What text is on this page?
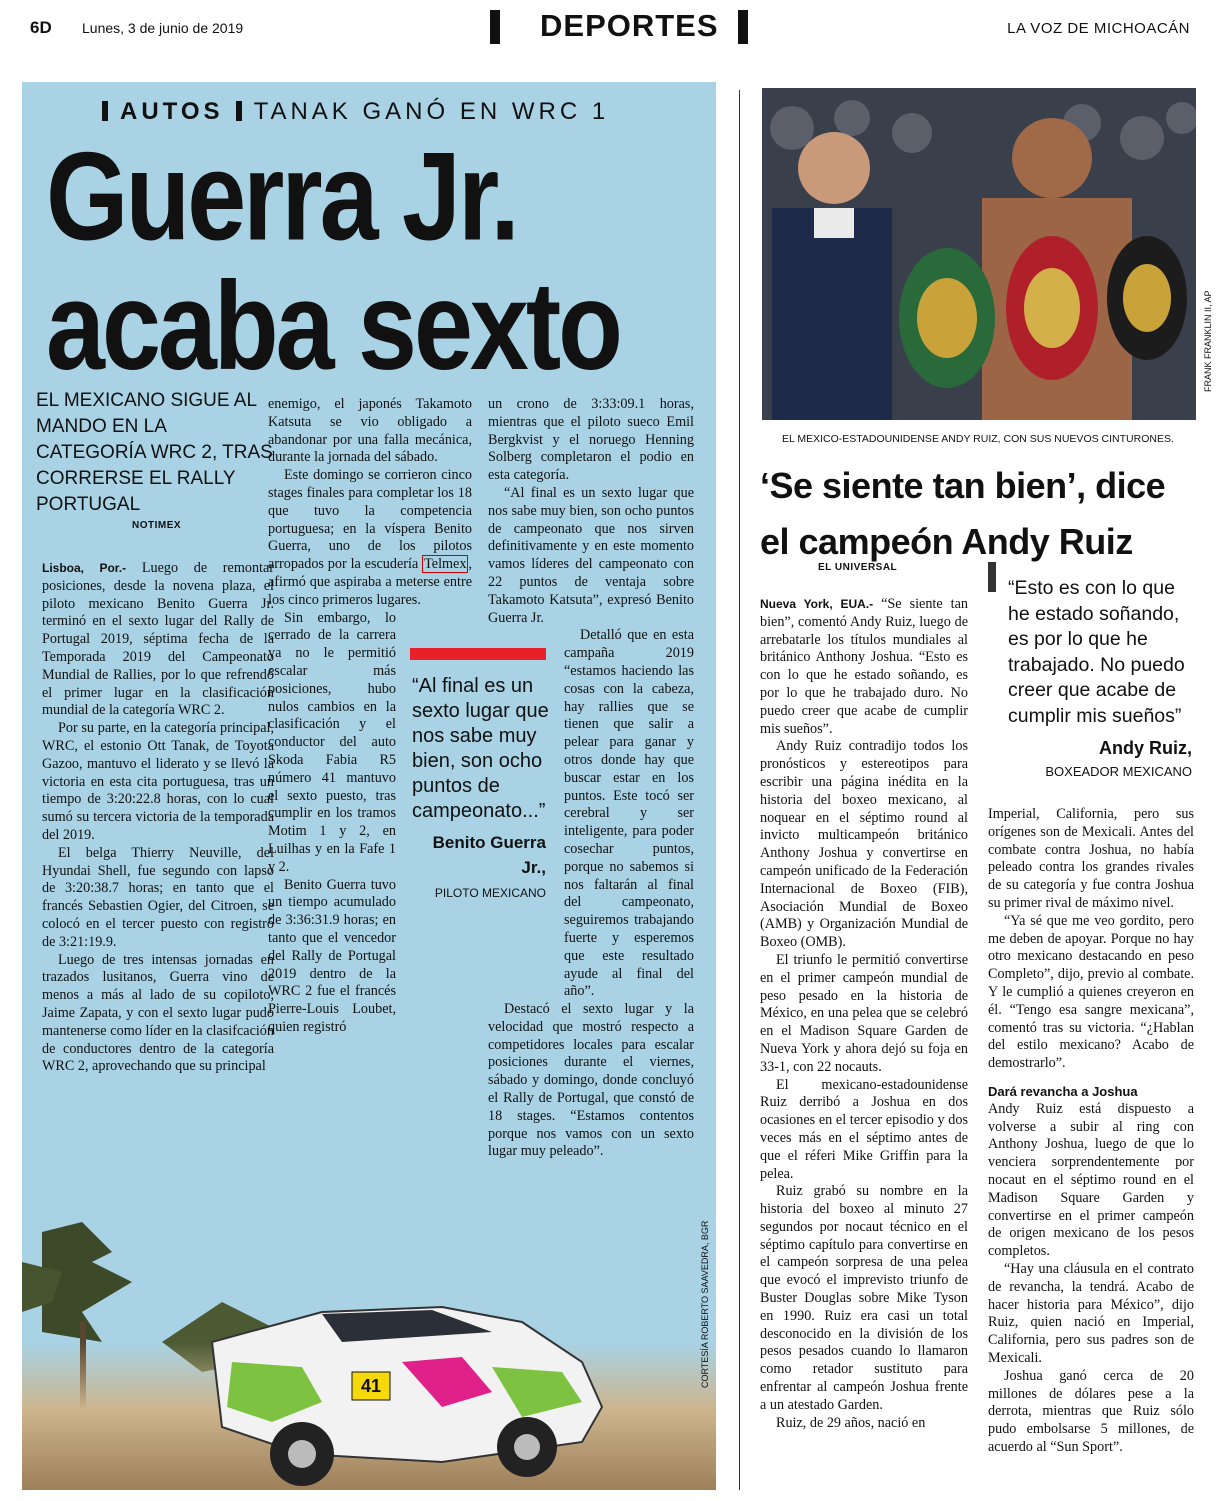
6D Lunes, 3 de junio de 2019	DEPORTES	LA VOZ DE MICHOACÁN
AUTOS TANAK GANÓ EN WRC 1
Guerra Jr.
acaba sexto
EL MEXICANO SIGUE AL MANDO EN LA CATEGORÍA WRC 2, TRAS CORRERSE EL RALLY PORTUGAL
NOTIMEX

Lisboa, Por.- Luego de remontar posiciones, desde la novena plaza, el piloto mexicano Benito Guerra Jr. terminó en el sexto lugar del Rally de Portugal 2019, séptima fecha de la Temporada 2019 del Campeonato Mundial de Rallies, por lo que refrendó el primer lugar en la clasificación mundial de la categoría WRC 2.

Por su parte, en la categoría principal, WRC, el estonio Ott Tanak, de Toyota Gazoo, mantuvo el liderato y se llevó la victoria en esta cita portuguesa, tras un tiempo de 3:20:22.8 horas, con lo cual sumó su tercera victoria de la temporada del 2019.

El belga Thierry Neuville, del Hyundai Shell, fue segundo con lapso de 3:20:38.7 horas; en tanto que el francés Sebastien Ogier, del Citroen, se colocó en el tercer puesto con registró de 3:21:19.9.

Luego de tres intensas jornadas en trazados lusitanos, Guerra vino de menos a más al lado de su copiloto, Jaime Zapata, y con el sexto lugar pudo mantenerse como líder en la clasifcación de conductores dentro de la categoría WRC 2, aprovechando que su principal

enemigo, el japonés Takamoto Katsuta se vio obligado a abandonar por una falla mecánica, durante la jornada del sábado.

Este domingo se corrieron cinco stages finales para completar los 18 que tuvo la competencia portuguesa; en la víspera Benito Guerra, uno de los pilotos arropados por la escudería Telmex , afirmó que aspiraba a meterse entre los cinco primeros lugares.

Sin embargo, lo cerrado de la carrera ya no le permitió escalar más posiciones, hubo nulos cambios en la clasificación y el conductor del auto Skoda Fabia R5 número 41 mantuvo el sexto puesto, tras cumplir en los tramos Motim 1 y 2, en Luilhas y en la Fafe 1 y 2.

Benito Guerra tuvo un tiempo acumulado de 3:36:31.9 horas; en tanto que el vencedor del Rally de Portugal 2019 dentro de la WRC 2 fue el francés Pierre-Louis Loubet, quien registró

un crono de 3:33:09.1 horas, mientras que el piloto sueco Emil Bergkvist y el noruego Henning Solberg completaron el podio en esta categoría.

“Al final es un sexto lugar que nos sabe muy bien, son ocho puntos de campeonato que nos sirven definitivamente y en este momento vamos líderes del campeonato con 22 puntos de ventaja sobre Takamoto Katsuta”, expresó Benito Guerra Jr.

Detalló que en esta campaña 2019 “estamos haciendo las cosas con la cabeza, hay rallies que se tienen que salir a pelear para ganar y otros donde hay que buscar estar en los puntos. Este tocó ser cerebral y ser inteligente, para poder cosechar puntos, porque no sabemos si nos faltarán al final del campeonato, seguiremos trabajando fuerte y esperemos que este resultado ayude al final del año”.

Destacó el sexto lugar y la velocidad que mostró respecto a competidores locales para escalar posiciones durante el viernes, sábado y domingo, donde concluyó el Rally de Portugal, que constó de 18 stages. “Estamos contentos porque nos vamos con un sexto lugar muy peleado”.

“Al final es un sexto lugar que nos sabe muy bien, son ocho puntos de campeonato...”
Benito Guerra Jr.,
PILOTO MEXICANO
41	CORTESÍA ROBERTO SAAVEDRA, BGR
FRANK FRANKLIN II, AP
EL MEXICO-ESTADOUNIDENSE ANDY RUIZ, CON SUS NUEVOS CINTURONES.
‘Se siente tan bien’, dice el campeón Andy Ruiz
EL UNIVERSAL

Nueva York, EUA.- “Se siente tan bien”, comentó Andy Ruiz, luego de arrebatarle los títulos mundiales al británico Anthony Joshua. “Esto es con lo que he estado soñando, es por lo que he trabajado duro. No puedo creer que acabe de cumplir mis sueños”.

Andy Ruiz contradijo todos los pronósticos y estereotipos para escribir una página inédita en la historia del boxeo mexicano, al noquear en el séptimo round al invicto multicampeón británico Anthony Joshua y convertirse en campeón unificado de la Federación Internacional de Boxeo (FIB), Asociación Mundial de Boxeo (AMB) y Organización Mundial de Boxeo (OMB).

El triunfo le permitió convertirse en el primer campeón mundial de peso pesado en la historia de México, en una pelea que se celebró en el Madison Square Garden de Nueva York y ahora dejó su foja en 33-1, con 22 nocauts.

El mexicano-estadounidense Ruiz derribó a Joshua en dos ocasiones en el tercer episodio y dos veces más en el séptimo antes de que el réferi Mike Griffin para la pelea.

Ruiz grabó su nombre en la historia del boxeo al minuto 27 segundos por nocaut técnico en el séptimo capítulo para convertirse en el campeón sorpresa de una pelea que evocó el imprevisto triunfo de Buster Douglas sobre Mike Tyson en 1990. Ruiz era casi un total desconocido en la división de los pesos pesados cuando lo llamaron como retador sustituto para enfrentar al campeón Joshua frente a un atestado Garden.

Ruiz, de 29 años, nació en

“Esto es con lo que he estado soñando, es por lo que he trabajado. No puedo creer que acabe de cumplir mis sueños”
Andy Ruiz,
BOXEADOR MEXICANO

Imperial, California, pero sus orígenes son de Mexicali. Antes del combate contra Joshua, no había peleado contra los grandes rivales de su categoría y fue contra Joshua su primer rival de máximo nivel.

“Ya sé que me veo gordito, pero me deben de apoyar. Porque no hay otro mexicano destacando en peso Completo”, dijo, previo al combate. Y le cumplió a quienes creyeron en él. “Tengo esa sangre mexicana”, comentó tras su victoria. “¿Hablan del estilo mexicano? Acabo de demostrarlo”.

Dará revancha a Joshua

Andy Ruiz está dispuesto a volverse a subir al ring con Anthony Joshua, luego de que lo venciera sorprendentemente por nocaut en el séptimo round en el Madison Square Garden y convertirse en el primer campeón de origen mexicano de los pesos completos.

“Hay una cláusula en el contrato de revancha, la tendrá. Acabo de hacer historia para México”, dijo Ruiz, quien nació en Imperial, California, pero sus padres son de Mexicali.

Joshua ganó cerca de 20 millones de dólares pese a la derrota, mientras que Ruiz sólo pudo embolsarse 5 millones, de acuerdo al “Sun Sport”.
